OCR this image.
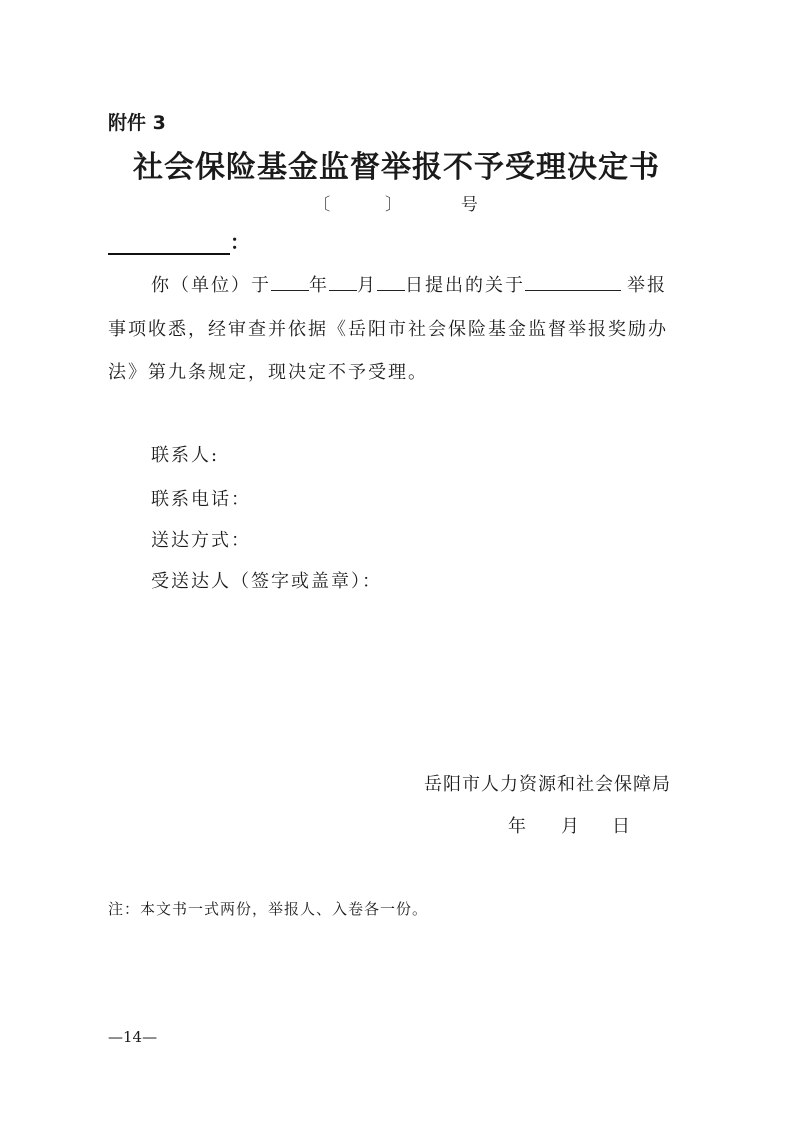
附件 3
社会保险基金监督举报不予受理决定书
〔	〕	号
：
你（单位）于 年 月 日提出的关于	举报
事项收悉，经审查并依据《岳阳市社会保险基金监督举报奖励办
法》第九条规定，现决定不予受理。
联系人:
联系电话：
送达方式：
受送达人（签字或盖章）：
岳阳市人力资源和社会保障局
年 月 日
注：本文书一式两份，举报人、入卷各一份。
—14—
